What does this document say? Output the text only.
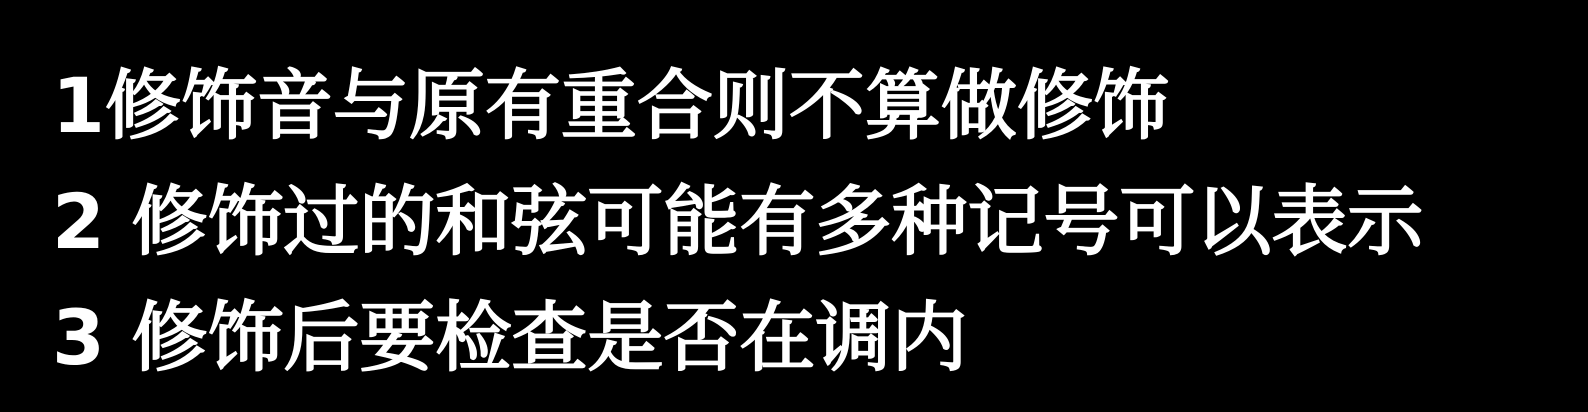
1修饰音与原有重合则不算做修饰
2 修饰过的和弦可能有多种记号可以表示
3 修饰后要检查是否在调内
